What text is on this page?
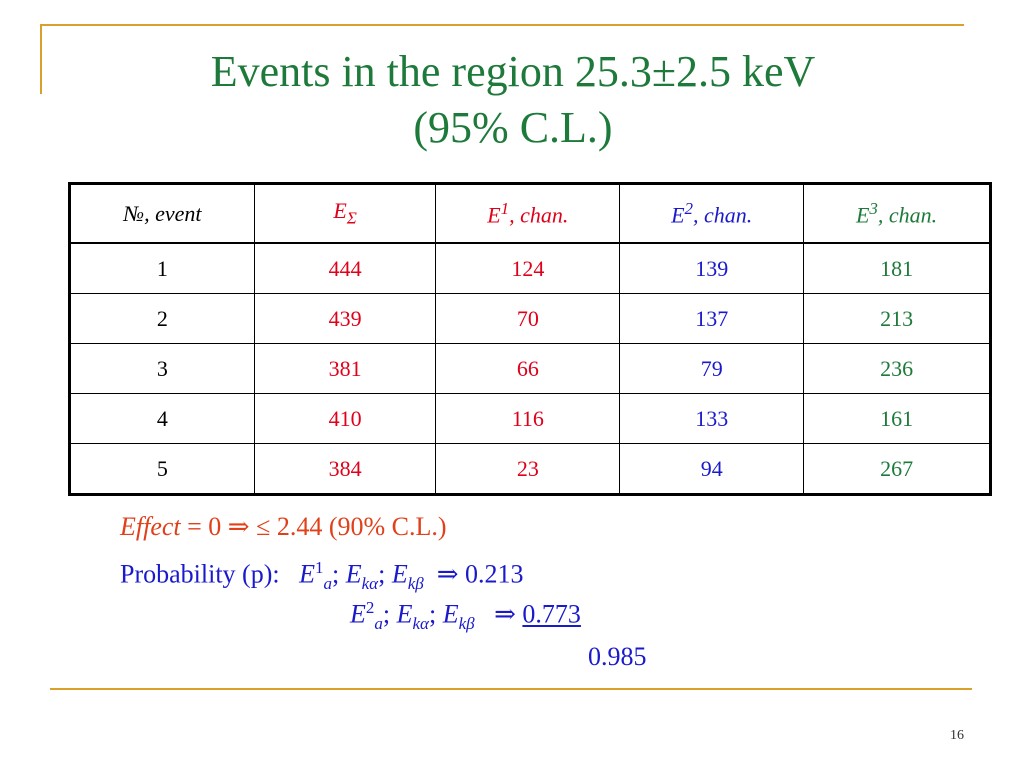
Events in the region 25.3±2.5 keV
(95% C.L.)
№, event	$E_\Sigma$	$E^1$, chan.	$E^2$, chan.	$E^3$, chan.
1	444	124	139	181
2	439	70	137	213
3	381	66	79	236
4	410	116	133	161
5	384	23	94	267
Effect = 0 ⇒ ≤ 2.44 (90% C.L.)
Probability (p): $E^1_a$; $E_{k\alpha}$; $E_{k\beta}$ ⇒ 0.213
$E^2_a$; $E_{k\alpha}$; $E_{k\beta}$ ⇒ 0.773
0.985
16
